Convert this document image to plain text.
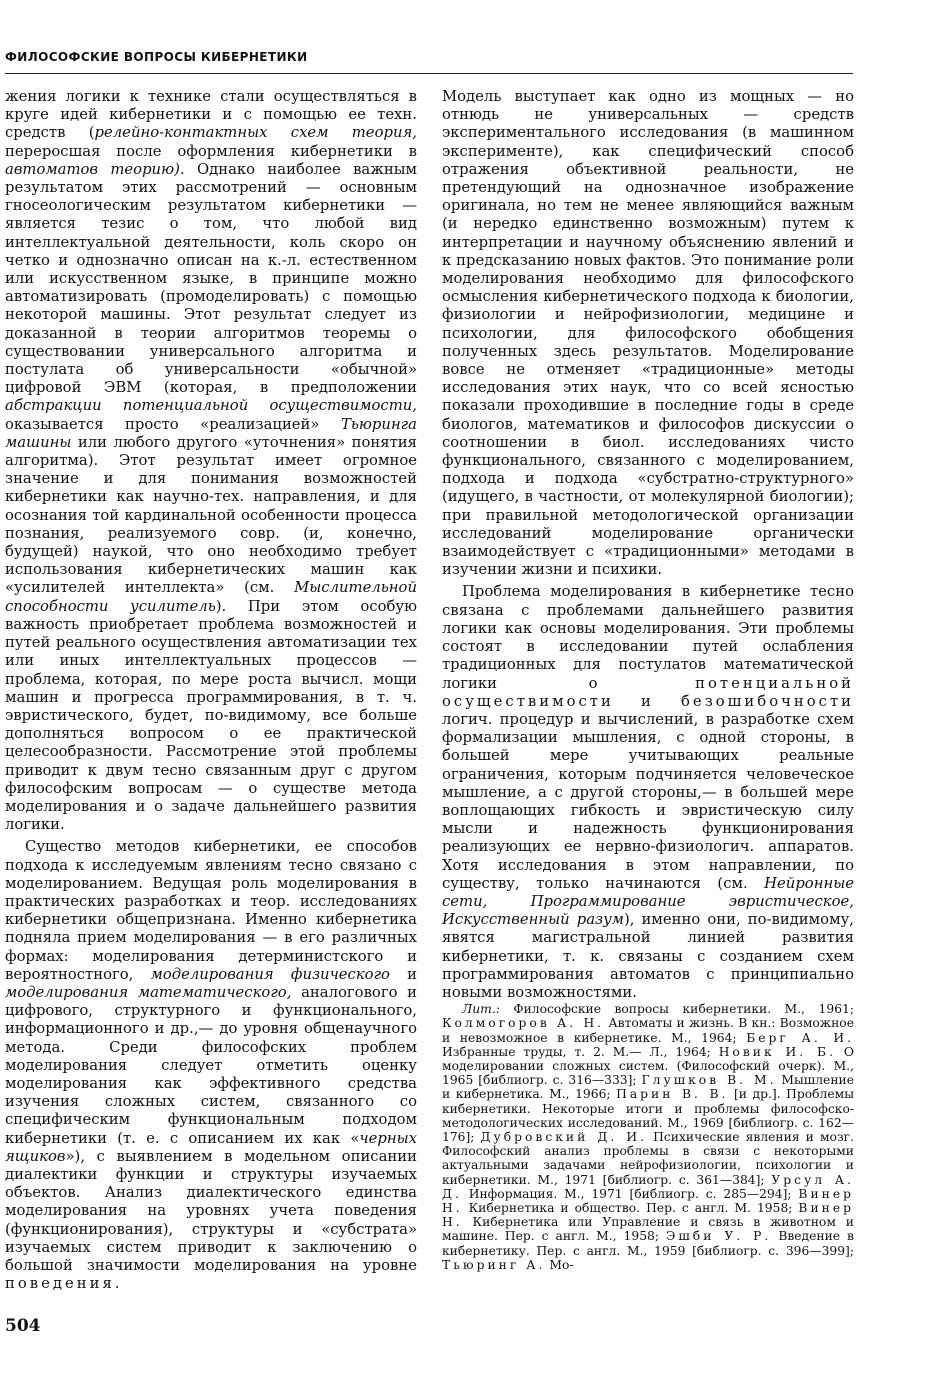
ФИЛОСОФСКИЕ ВОПРОСЫ КИБЕРНЕТИКИ

жения логики к технике стали осуществляться в круге идей кибернетики и с помощью ее техн. средств (релейно-контактных схем теория, переросшая после оформления кибернетики в автоматов теорию). Однако наиболее важным результатом этих рассмотрений — основным гносеологическим результатом кибернетики — является тезис о том, что любой вид интеллектуальной деятельности, коль скоро он четко и однозначно описан на к.-л. естественном или искусственном языке, в принципе можно автоматизировать (промоделировать) с помощью некоторой машины. Этот результат следует из доказанной в теории алгоритмов теоремы о существовании универсального алгоритма и постулата об универсальности «обычной» цифровой ЭВМ (которая, в предположении абстракции потенциальной осуществимости, оказывается просто «реализацией» Тьюринга машины или любого другого «уточнения» понятия алгоритма). Этот результат имеет огромное значение и для понимания возможностей кибернетики как научно-тех. направления, и для осознания той кардинальной особенности процесса познания, реализуемого совр. (и, конечно, будущей) наукой, что оно необходимо требует использования кибернетических машин как «усилителей интеллекта» (см. Мыслительной способности усилитель). При этом особую важность приобретает проблема возможностей и путей реального осуществления автоматизации тех или иных интеллектуальных процессов — проблема, которая, по мере роста вычисл. мощи машин и прогресса программирования, в т. ч. эвристического, будет, по-видимому, все больше дополняться вопросом о ее практической целесообразности. Рассмотрение этой проблемы приводит к двум тесно связанным друг с другом философским вопросам — о существе метода моделирования и о задаче дальнейшего развития логики.

Существо методов кибернетики, ее способов подхода к исследуемым явлениям тесно связано с моделированием. Ведущая роль моделирования в практических разработках и теор. исследованиях кибернетики общепризнана. Именно кибернетика подняла прием моделирования — в его различных формах: моделирования детерминистского и вероятностного, моделирования физического и моделирования математического, аналогового и цифрового, структурного и функционального, информационного и др.,— до уровня общенаучного метода. Среди философских проблем моделирования следует отметить оценку моделирования как эффективного средства изучения сложных систем, связанного со специфическим функциональным подходом кибернетики (т. е. с описанием их как «черных ящиков»), с выявлением в модельном описании диалектики функции и структуры изучаемых объектов. Анализ диалектического единства моделирования на уровнях учета поведения (функционирования), структуры и «субстрата» изучаемых систем приводит к заключению о большой значимости моделирования на уровне поведения.

Модель выступает как одно из мощных — но отнюдь не универсальных — средств экспериментального исследования (в машинном эксперименте), как специфический способ отражения объективной реальности, не претендующий на однозначное изображение оригинала, но тем не менее являющийся важным (и нередко единственно возможным) путем к интерпретации и научному объяснению явлений и к предсказанию новых фактов. Это понимание роли моделирования необходимо для философского осмысления кибернетического подхода к биологии, физиологии и нейрофизиологии, медицине и психологии, для философского обобщения полученных здесь результатов. Моделирование вовсе не отменяет «традиционные» методы исследования этих наук, что со всей ясностью показали проходившие в последние годы в среде биологов, математиков и философов дискуссии о соотношении в биол. исследованиях чисто функционального, связанного с моделированием, подхода и подхода «субстратно-структурного» (идущего, в частности, от молекулярной биологии); при правильной методологической организации исследований моделирование органически взаимодействует с «традиционными» методами в изучении жизни и психики.

Проблема моделирования в кибернетике тесно связана с проблемами дальнейшего развития логики как основы моделирования. Эти проблемы состоят в исследовании путей ослабления традиционных для постулатов математической логики о потенциальной осуществимости и безошибочности логич. процедур и вычислений, в разработке схем формализации мышления, с одной стороны, в большей мере учитывающих реальные ограничения, которым подчиняется человеческое мышление, а с другой стороны,— в большей мере воплощающих гибкость и эвристическую силу мысли и надежность функционирования реализующих ее нервно-физиологич. аппаратов. Хотя исследования в этом направлении, по существу, только начинаются (см. Нейронные сети, Программирование эвристическое, Искусственный разум), именно они, по-видимому, явятся магистральной линией развития кибернетики, т. к. связаны с созданием схем программирования автоматов с принципиально новыми возможностями.

Лит.: Философские вопросы кибернетики. М., 1961; Колмогоров А. Н. Автоматы и жизнь. В кн.: Возможное и невозможное в кибернетике. М., 1964; Берг А. И. Избранные труды, т. 2. М.— Л., 1964; Новик И. Б. О моделировании сложных систем. (Философский очерк). М., 1965 [библиогр. с. 316—333]; Глушков В. М. Мышление и кибернетика. М., 1966; Парин В. В. [и др.]. Проблемы кибернетики. Некоторые итоги и проблемы философско-методологических исследований. М., 1969 [библиогр. с. 162—176]; Дубровский Д. И. Психические явления и мозг. Философский анализ проблемы в связи с некоторыми актуальными задачами нейрофизиологии, психологии и кибернетики. М., 1971 [библиогр. с. 361—384]; Урсул А. Д. Информация. М., 1971 [библиогр. с. 285—294]; Винер Н. Кибернетика и общество. Пер. с англ. М. 1958; Винер Н. Кибернетика или Управление и связь в животном и машине. Пер. с англ. М., 1958; Эшби У. Р. Введение в кибернетику. Пер. с англ. М., 1959 [библиогр. с. 396—399]; Тьюринг А. Мо-

504
